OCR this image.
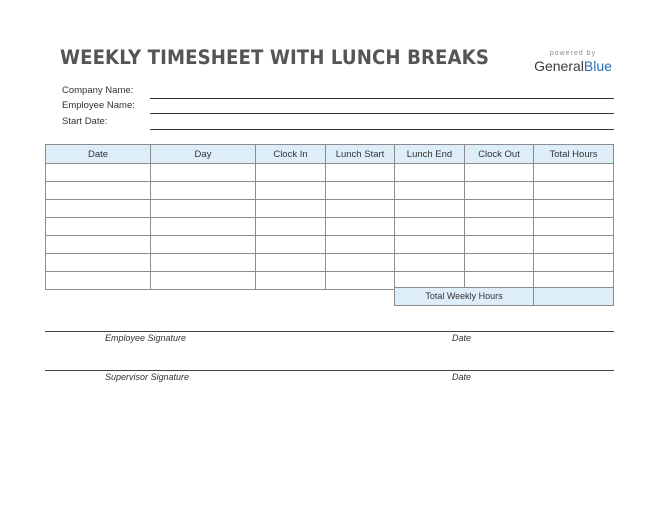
WEEKLY TIMESHEET WITH LUNCH BREAKS	powered by
GeneralBlue
Company Name:
Employee Name:
Start Date:
Date	Day	Clock In	Lunch Start	Lunch End	Clock Out	Total Hours

Total Weekly Hours	
Employee Signature	Date
Supervisor Signature	Date
